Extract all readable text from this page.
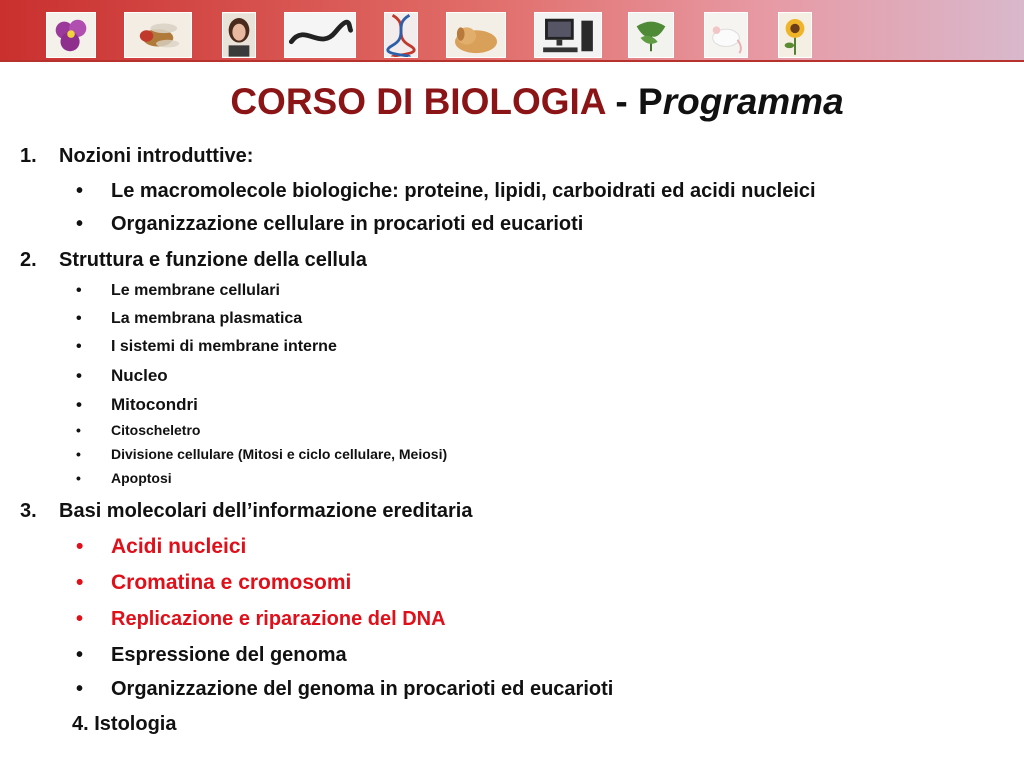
CORSO DI BIOLOGIA - Programma
1. Nozioni introduttive:
• Le macromolecole biologiche: proteine, lipidi, carboidrati ed acidi nucleici
• Organizzazione cellulare in procarioti ed eucarioti
2. Struttura e funzione della cellula
• Le membrane cellulari
• La membrana plasmatica
• I sistemi di membrane interne
• Nucleo
• Mitocondri
• Citoscheletro
• Divisione cellulare (Mitosi e ciclo cellulare, Meiosi)
• Apoptosi
3. Basi molecolari dell’informazione ereditaria
• Acidi nucleici
• Cromatina e cromosomi
• Replicazione e riparazione del DNA
• Espressione del genoma
• Organizzazione del genoma in procarioti ed eucarioti
4. Istologia
